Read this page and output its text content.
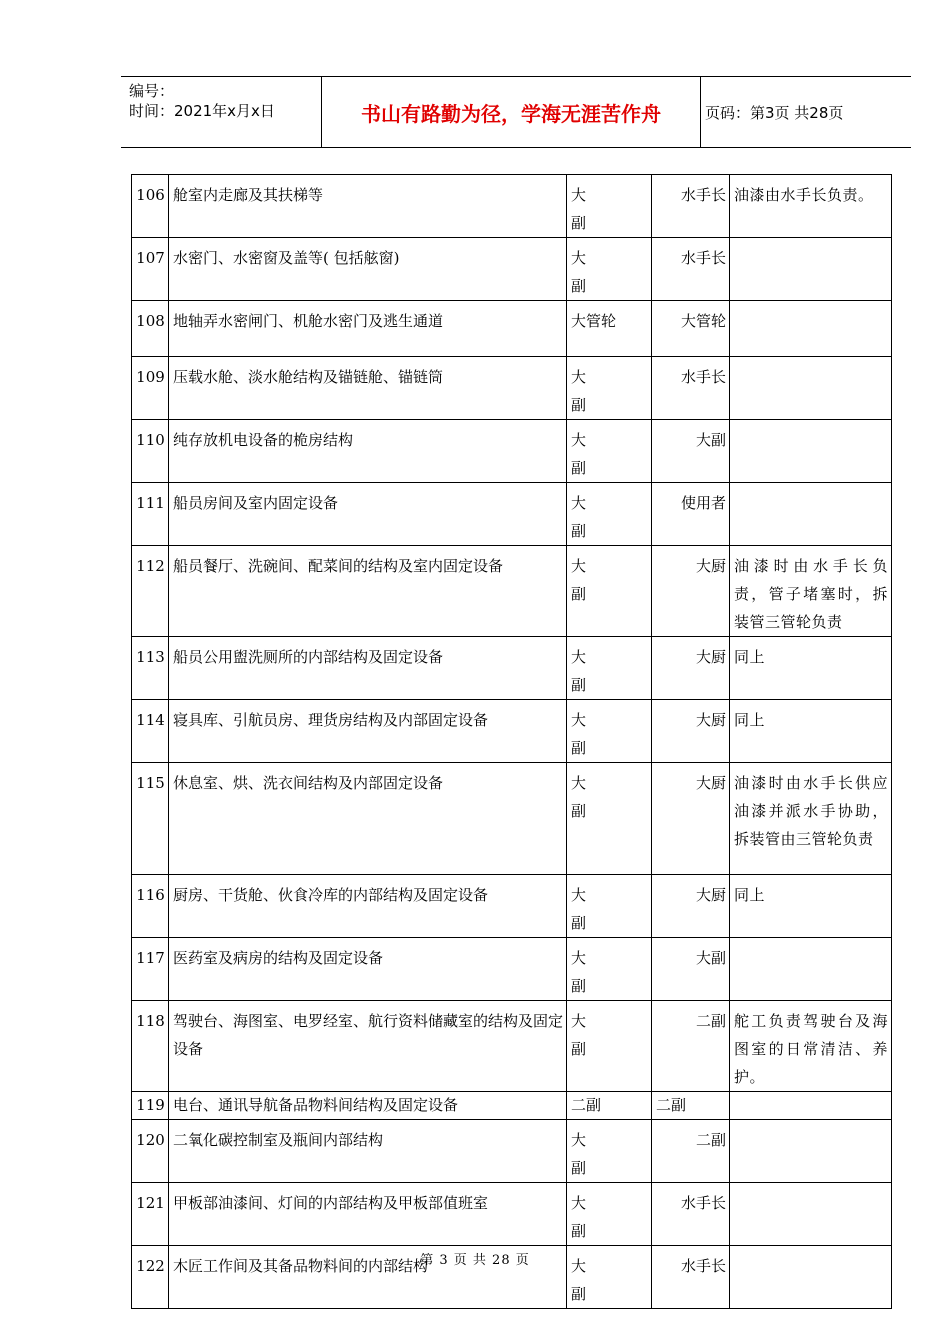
编号：
时间：2021年x月x日	书山有路勤为径，学海无涯苦作舟	页码：第3页 共28页
106	舱室内走廊及其扶梯等	大副	水手长	油漆由水手长负责。
107	水密门、水密窗及盖等( 包括舷窗)	大副	水手长	
108	地轴弄水密闸门、机舱水密门及逃生通道	大管轮	大管轮	
109	压载水舱、淡水舱结构及锚链舱、锚链筒	大副	水手长	
110	纯存放机电设备的桅房结构	大副	大副	
111	船员房间及室内固定设备	大副	使用者	
112	船员餐厅、洗碗间、配菜间的结构及室内固定设备	大副	大厨	油漆时由水手长负责，管子堵塞时，拆装管三管轮负责
113	船员公用盥洗厕所的内部结构及固定设备	大副	大厨	同上
114	寝具库、引航员房、理货房结构及内部固定设备	大副	大厨	同上
115	休息室、烘、洗衣间结构及内部固定设备	大副	大厨	油漆时由水手长供应油漆并派水手协助，拆装管由三管轮负责
116	厨房、干货舱、伙食冷库的内部结构及固定设备	大副	大厨	同上
117	医药室及病房的结构及固定设备	大副	大副	
118	驾驶台、海图室、电罗经室、航行资料储藏室的结构及固定设备	大副	二副	舵工负责驾驶台及海图室的日常清洁、养护。
119	电台、通讯导航备品物料间结构及固定设备	二副	二副	
120	二氧化碳控制室及瓶间内部结构	大副	二副	
121	甲板部油漆间、灯间的内部结构及甲板部值班室	大副	水手长	
122	木匠工作间及其备品物料间的内部结构	大副	水手长	
第 3 页 共 28 页
